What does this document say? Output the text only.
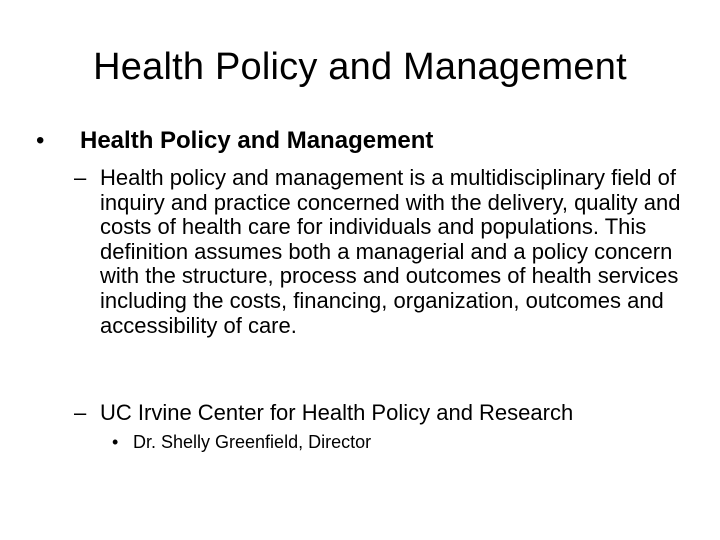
Health Policy and Management
•	Health Policy and Management
– Health policy and management is a multidisciplinary field of inquiry and practice concerned with the delivery, quality and costs of health care for individuals and populations. This definition assumes both a managerial and a policy concern with the structure, process and outcomes of health services including the costs, financing, organization, outcomes and accessibility of care.
– UC Irvine Center for Health Policy and Research
• Dr. Shelly Greenfield, Director
